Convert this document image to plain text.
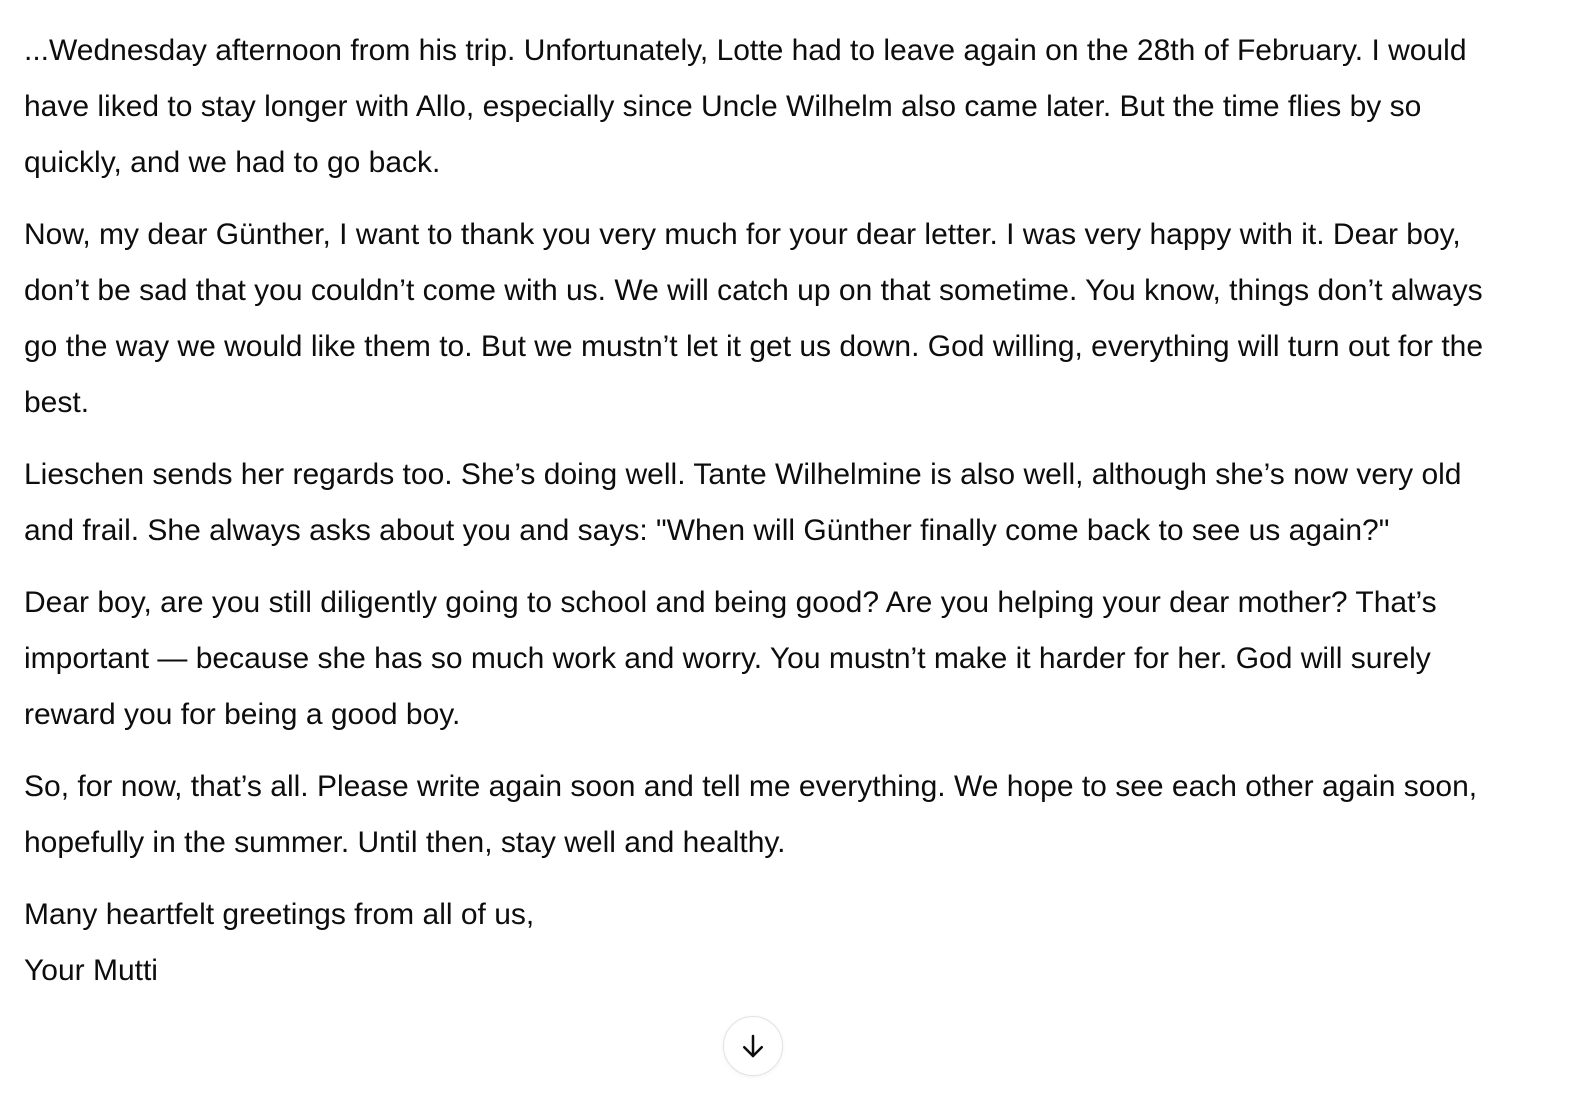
...Wednesday afternoon from his trip. Unfortunately, Lotte had to leave again on the 28th of February. I would have liked to stay longer with Allo, especially since Uncle Wilhelm also came later. But the time flies by so quickly, and we had to go back.

Now, my dear Günther, I want to thank you very much for your dear letter. I was very happy with it. Dear boy, don’t be sad that you couldn’t come with us. We will catch up on that sometime. You know, things don’t always go the way we would like them to. But we mustn’t let it get us down. God willing, everything will turn out for the best.

Lieschen sends her regards too. She’s doing well. Tante Wilhelmine is also well, although she’s now very old and frail. She always asks about you and says: "When will Günther finally come back to see us again?"

Dear boy, are you still diligently going to school and being good? Are you helping your dear mother? That’s important — because she has so much work and worry. You mustn’t make it harder for her. God will surely reward you for being a good boy.

So, for now, that’s all. Please write again soon and tell me everything. We hope to see each other again soon, hopefully in the summer. Until then, stay well and healthy.

Many heartfelt greetings from all of us,
Your Mutti
